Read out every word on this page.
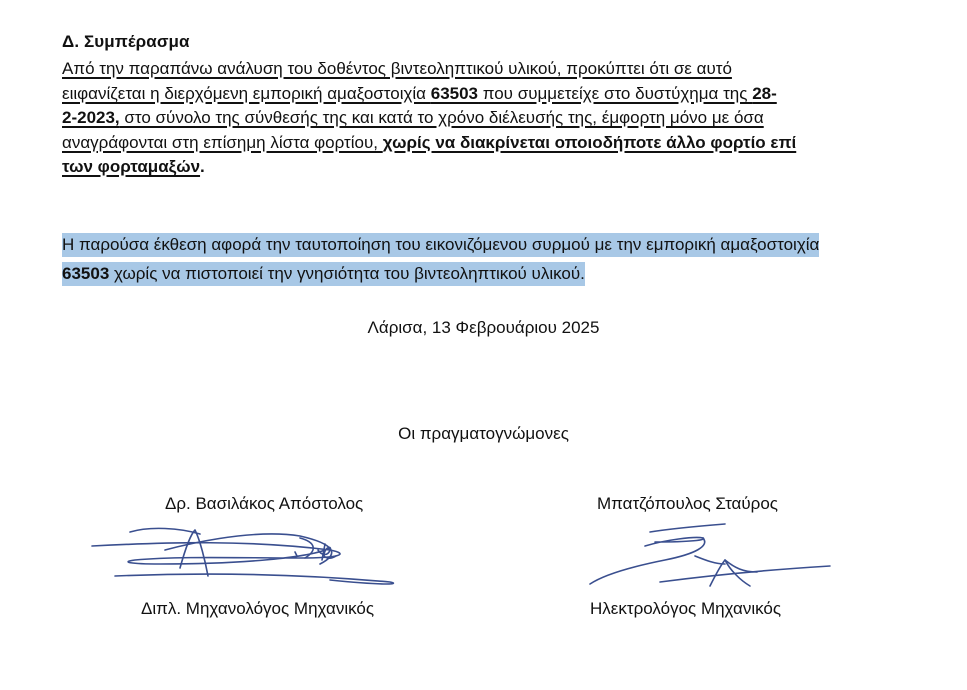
Δ. Συμπέρασμα
Από την παραπάνω ανάλυση του δοθέντος βιντεοληπτικού υλικού, προκύπτει ότι σε αυτό
ειιφανίζεται η διερχόμενη εμπορική αμαξοστοιχία 63503 που συμμετείχε στο δυστύχημα της 28-
2-2023, στο σύνολο της σύνθεσής της και κατά το χρόνο διέλευσής της, έμφορτη μόνο με όσα
αναγράφονται στη επίσημη λίστα φορτίου, χωρίς να διακρίνεται οποιοδήποτε άλλο φορτίο επί
των φορταμαξών.
Η παρούσα έκθεση αφορά την ταυτοποίηση του εικονιζόμενου συρμού με την εμπορική αμαξοστοιχία
63503 χωρίς να πιστοποιεί την γνησιότητα του βιντεοληπτικού υλικού.
Λάρισα, 13 Φεβρουάριου 2025
Οι πραγματογνώμονες
Δρ. Βασιλάκος Απόστολος
Διπλ. Μηχανολόγος Μηχανικός
Μπατζόπουλος Σταύρος
Ηλεκτρολόγος Μηχανικός
